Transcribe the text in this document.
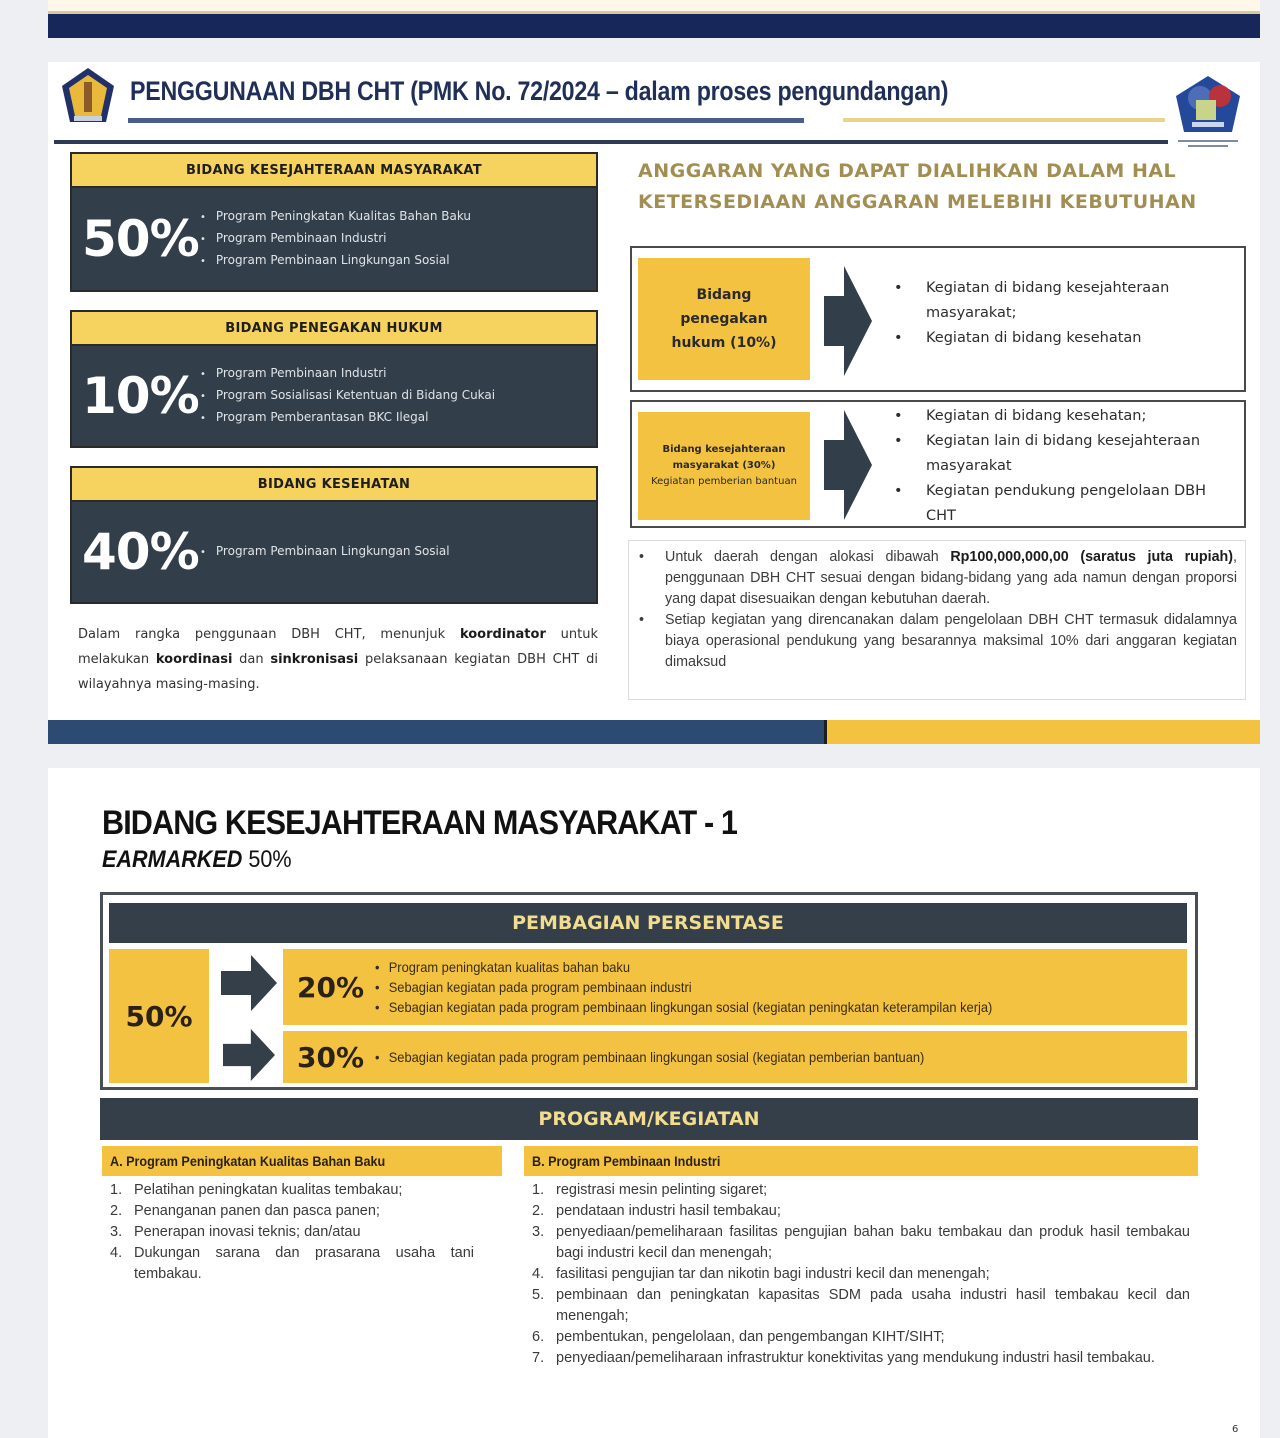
PENGGUNAAN DBH CHT (PMK No. 72/2024 – dalam proses pengundangan)
BIDANG KESEJAHTERAAN MASYARAKAT
50%	• Program Peningkatan Kualitas Bahan Baku
• Program Pembinaan Industri
• Program Pembinaan Lingkungan Sosial
BIDANG PENEGAKAN HUKUM
10%	• Program Pembinaan Industri
• Program Sosialisasi Ketentuan di Bidang Cukai
• Program Pemberantasan BKC Ilegal
BIDANG KESEHATAN
40%	• Program Pembinaan Lingkungan Sosial

Dalam rangka penggunaan DBH CHT, menunjuk koordinator untuk melakukan koordinasi dan sinkronisasi pelaksanaan kegiatan DBH CHT di wilayahnya masing-masing.

ANGGARAN YANG DAPAT DIALIHKAN DALAM HAL KETERSEDIAAN ANGGARAN MELEBIHI KEBUTUHAN
Bidang penegakan hukum (10%)
• Kegiatan di bidang kesejahteraan masyarakat;
• Kegiatan di bidang kesehatan
Bidang kesejahteraan masyarakat (30%)
Kegiatan pemberian bantuan
• Kegiatan di bidang kesehatan;
• Kegiatan lain di bidang kesejahteraan masyarakat
• Kegiatan pendukung pengelolaan DBH CHT
• Untuk daerah dengan alokasi dibawah Rp100,000,000,00 (saratus juta rupiah), penggunaan DBH CHT sesuai dengan bidang-bidang yang ada namun dengan proporsi yang dapat disesuaikan dengan kebutuhan daerah.
• Setiap kegiatan yang direncanakan dalam pengelolaan DBH CHT termasuk didalamnya biaya operasional pendukung yang besarannya maksimal 10% dari anggaran kegiatan dimaksud
BIDANG KESEJAHTERAAN MASYARAKAT - 1
EARMARKED 50%
PEMBAGIAN PERSENTASE
50%
20%
• Program peningkatan kualitas bahan baku
• Sebagian kegiatan pada program pembinaan industri
• Sebagian kegiatan pada program pembinaan lingkungan sosial (kegiatan peningkatan keterampilan kerja)
30%	• Sebagian kegiatan pada program pembinaan lingkungan sosial (kegiatan pemberian bantuan)
PROGRAM/KEGIATAN
A. Program Peningkatan Kualitas Bahan Baku	B. Program Pembinaan Industri
1. Pelatihan peningkatan kualitas tembakau;
2. Penanganan panen dan pasca panen;
3. Penerapan inovasi teknis; dan/atau
4. Dukungan sarana dan prasarana usaha tani tembakau.
1. registrasi mesin pelinting sigaret;
2. pendataan industri hasil tembakau;
3. penyediaan/pemeliharaan fasilitas pengujian bahan baku tembakau dan produk hasil tembakau bagi industri kecil dan menengah;
4. fasilitasi pengujian tar dan nikotin bagi industri kecil dan menengah;
5. pembinaan dan peningkatan kapasitas SDM pada usaha industri hasil tembakau kecil dan menengah;
6. pembentukan, pengelolaan, dan pengembangan KIHT/SIHT;
7. penyediaan/pemeliharaan infrastruktur konektivitas yang mendukung industri hasil tembakau.
6
